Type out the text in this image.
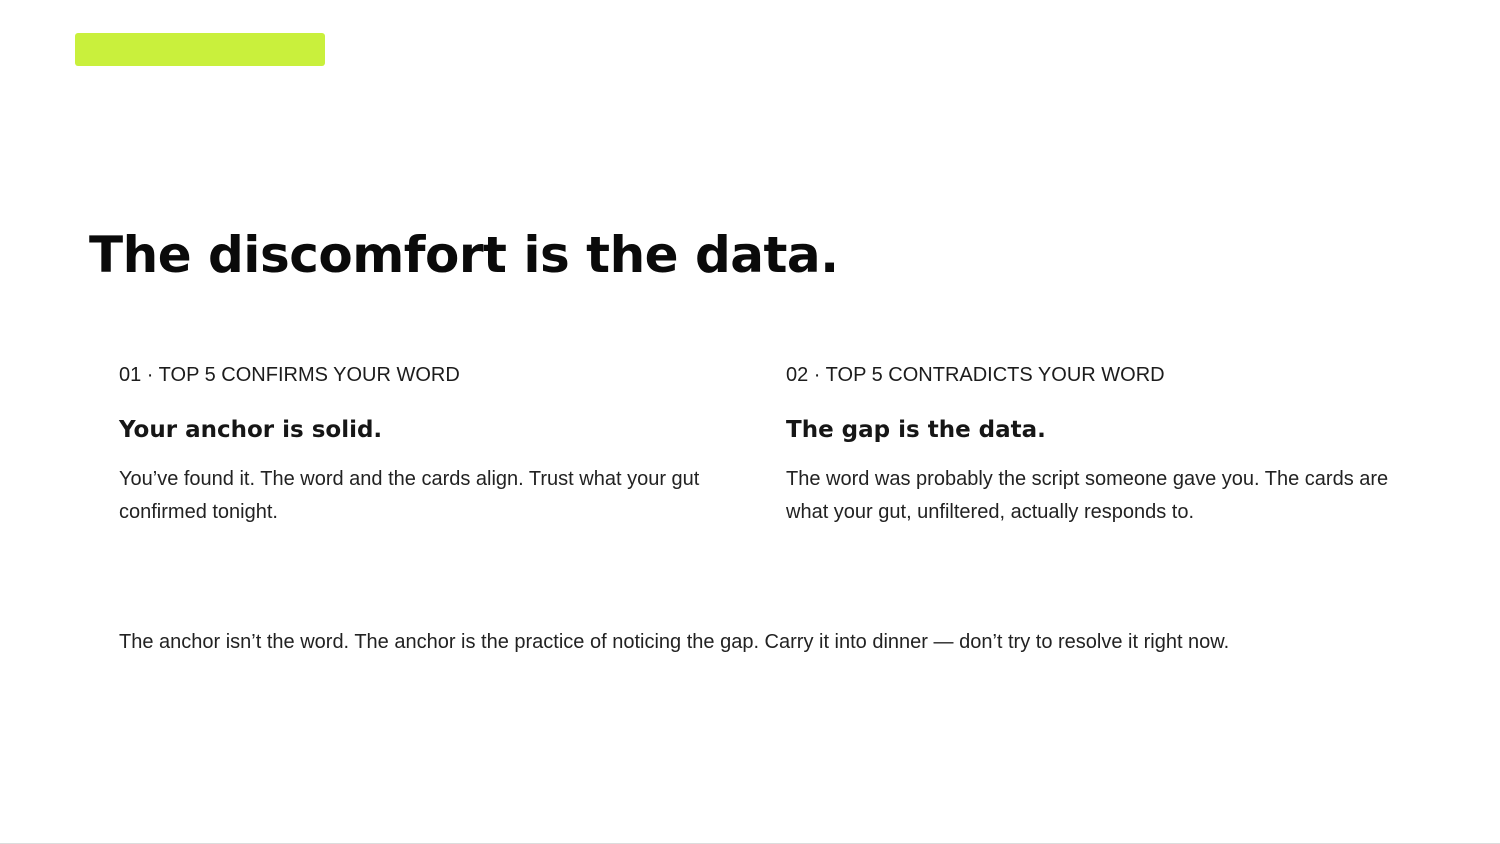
The discomfort is the data.

01 · TOP 5 CONFIRMS YOUR WORD

Your anchor is solid.

You’ve found it. The word and the cards align. Trust what your gut confirmed tonight.

02 · TOP 5 CONTRADICTS YOUR WORD

The gap is the data.

The word was probably the script someone gave you. The cards are what your gut, unfiltered, actually responds to.

The anchor isn’t the word. The anchor is the practice of noticing the gap. Carry it into dinner — don’t try to resolve it right now.
